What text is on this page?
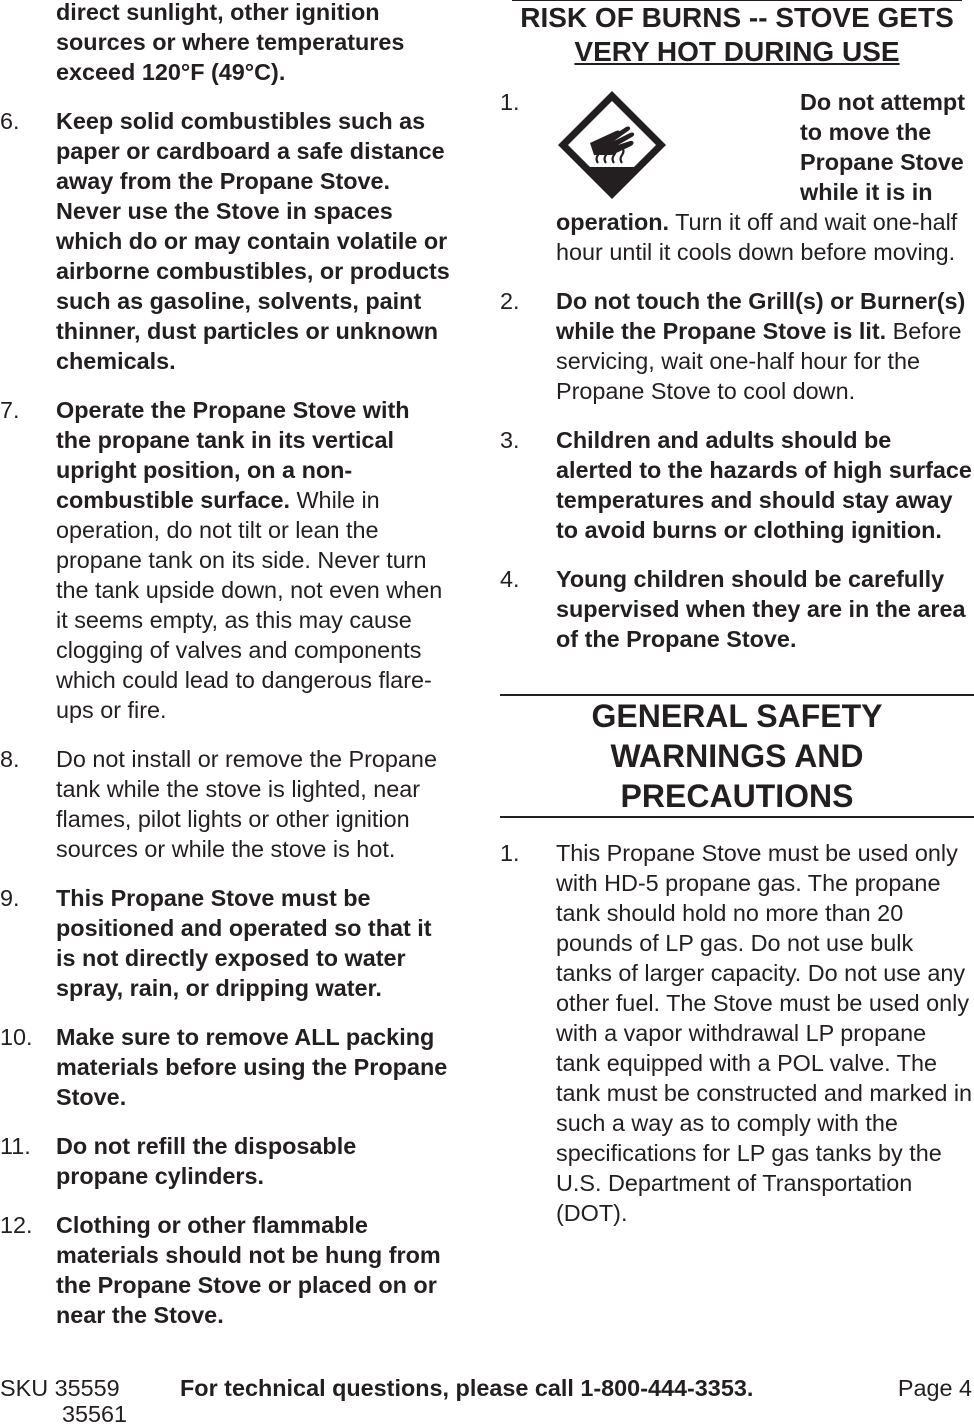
direct sunlight, other ignition sources or where temperatures exceed 120°F (49°C).
6. Keep solid combustibles such as paper or cardboard a safe distance away from the Propane Stove. Never use the Stove in spaces which do or may contain volatile or airborne combustibles, or products such as gasoline, solvents, paint thinner, dust particles or unknown chemicals.
7. Operate the Propane Stove with the propane tank in its vertical upright position, on a non-combustible surface. While in operation, do not tilt or lean the propane tank on its side. Never turn the tank upside down, not even when it seems empty, as this may cause clogging of valves and components which could lead to dangerous flare-ups or fire.
8. Do not install or remove the Propane tank while the stove is lighted, near flames, pilot lights or other ignition sources or while the stove is hot.
9. This Propane Stove must be positioned and operated so that it is not directly exposed to water spray, rain, or dripping water.
10. Make sure to remove ALL packing materials before using the Propane Stove.
11. Do not refill the disposable propane cylinders.
12. Clothing or other flammable materials should not be hung from the Propane Stove or placed on or near the Stove.
RISK OF BURNS -- STOVE GETS
VERY HOT DURING USE
1.	Do not attempt to move the Propane Stove while it is in operation. Turn it off and wait one-half hour until it cools down before moving.
2. Do not touch the Grill(s) or Burner(s) while the Propane Stove is lit. Before servicing, wait one-half hour for the Propane Stove to cool down.
3. Children and adults should be alerted to the hazards of high surface temperatures and should stay away to avoid burns or clothing ignition.
4. Young children should be carefully supervised when they are in the area of the Propane Stove.
GENERAL SAFETY
WARNINGS AND
PRECAUTIONS
1. This Propane Stove must be used only with HD-5 propane gas. The propane tank should hold no more than 20 pounds of LP gas. Do not use bulk tanks of larger capacity. Do not use any other fuel. The Stove must be used only with a vapor withdrawal LP propane tank equipped with a POL valve. The tank must be constructed and marked in such a way as to comply with the specifications for LP gas tanks by the U.S. Department of Transportation (DOT).
SKU 35559
35561
For technical questions, please call 1-800-444-3353.	Page 4
